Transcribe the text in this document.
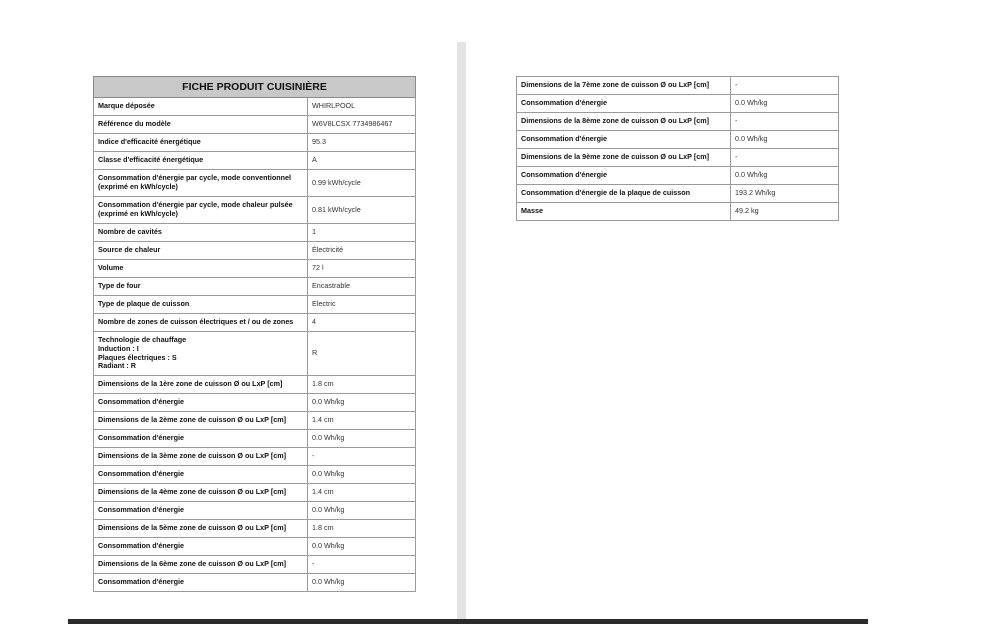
FICHE PRODUIT CUISINIÈRE	
Marque déposée	WHIRLPOOL
Référence du modèle	W6V8LCSX 7734986467
Indice d'efficacité énergétique	95.3
Classe d'efficacité énergétique	A
Consommation d'énergie par cycle, mode conventionnel
(exprimé en kWh/cycle)	0.99 kWh/cycle
Consommation d'énergie par cycle, mode chaleur pulsée
(exprimé en kWh/cycle)	0.81 kWh/cycle
Nombre de cavités	1
Source de chaleur	Électricité
Volume	72 l
Type de four	Encastrable
Type de plaque de cuisson	Electric
Nombre de zones de cuisson électriques et / ou de zones	4
Technologie de chauffage
Induction : I
Plaques électriques : S
Radiant : R	R
Dimensions de la 1ère zone de cuisson Ø ou LxP [cm]	1.8 cm
Consommation d'énergie	0.0 Wh/kg
Dimensions de la 2ème zone de cuisson Ø ou LxP [cm]	1.4 cm
Consommation d'énergie	0.0 Wh/kg
Dimensions de la 3ème zone de cuisson Ø ou LxP [cm]	-
Consommation d'énergie	0.0 Wh/kg
Dimensions de la 4ème zone de cuisson Ø ou LxP [cm]	1.4 cm
Consommation d'énergie	0.0 Wh/kg
Dimensions de la 5ème zone de cuisson Ø ou LxP [cm]	1.8 cm
Consommation d'énergie	0.0 Wh/kg
Dimensions de la 6ème zone de cuisson Ø ou LxP [cm]	-
Consommation d'énergie	0.0 Wh/kg
Dimensions de la 7ème zone de cuisson Ø ou LxP [cm]	-
Consommation d'énergie	0.0 Wh/kg
Dimensions de la 8ème zone de cuisson Ø ou LxP [cm]	-
Consommation d'énergie	0.0 Wh/kg
Dimensions de la 9ème zone de cuisson Ø ou LxP [cm]	-
Consommation d'énergie	0.0 Wh/kg
Consommation d'énergie de la plaque de cuisson	193.2 Wh/kg
Masse	49.2 kg
